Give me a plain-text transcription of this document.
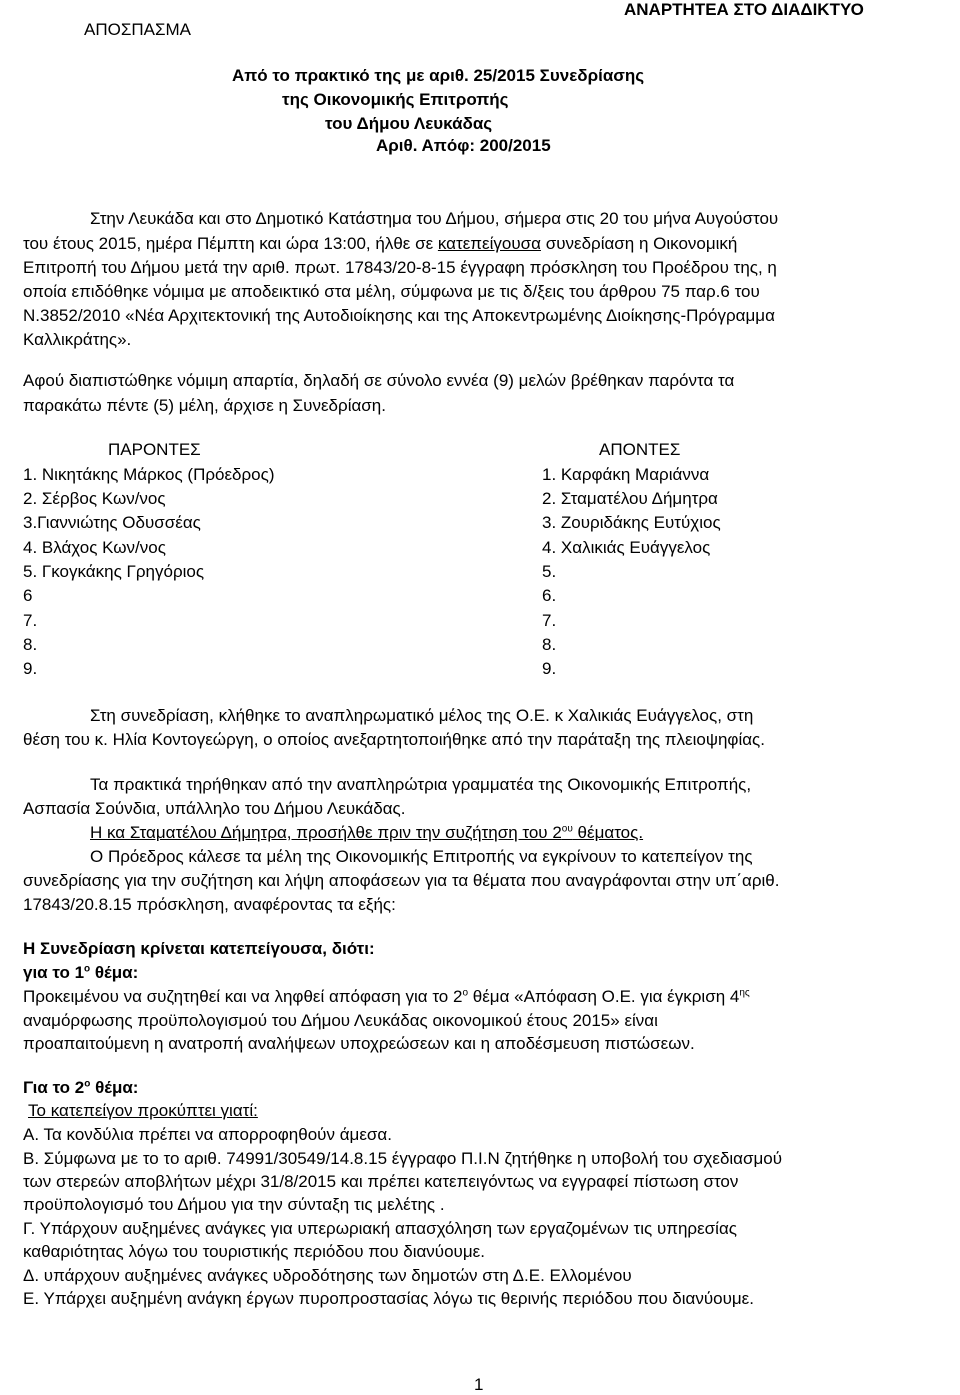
ΑΠΟΣΠΑΣΜΑ
ΑΝΑΡΤΗΤΕΑ ΣΤΟ ΔΙΑΔΙΚΤΥΟ
Από το πρακτικό της με αριθ. 25/2015 Συνεδρίασης
της Οικονομικής Επιτροπής
του Δήμου Λευκάδας
Αριθ. Απόφ: 200/2015
Στην Λευκάδα και στο Δημοτικό Κατάστημα του Δήμου, σήμερα στις 20 του μήνα Αυγούστου
του έτους 2015, ημέρα Πέμπτη και ώρα 13:00, ήλθε σε κατεπείγουσα συνεδρίαση η Οικονομική
Επιτροπή του Δήμου μετά την αριθ. πρωτ. 17843/20-8-15 έγγραφη πρόσκληση του Προέδρου της, η
οποία επιδόθηκε νόμιμα με αποδεικτικό στα μέλη, σύμφωνα με τις δ/ξεις του άρθρου 75 παρ.6 του
Ν.3852/2010 «Νέα Αρχιτεκτονική της Αυτοδιοίκησης και της Αποκεντρωμένης Διοίκησης-Πρόγραμμα
Καλλικράτης».
Αφού διαπιστώθηκε νόμιμη απαρτία, δηλαδή σε σύνολο εννέα (9) μελών βρέθηκαν παρόντα τα
παρακάτω πέντε (5) μέλη, άρχισε η Συνεδρίαση.
ΠΑΡΟΝΤΕΣ	ΑΠΟΝΤΕΣ
1. Νικητάκης Μάρκος (Πρόεδρος)
2. Σέρβος Κων/νος
3.Γιαννιώτης Οδυσσέας
4. Βλάχος Κων/νος
5. Γκογκάκης Γρηγόριος
6
7.
8.
9.
1. Καρφάκη Μαριάννα
2. Σταματέλου Δήμητρα
3. Ζουριδάκης Ευτύχιος
4. Χαλικιάς Ευάγγελος
5.
6.
7.
8.
9.
Στη συνεδρίαση, κλήθηκε το αναπληρωματικό μέλος της Ο.Ε. κ Χαλικιάς Ευάγγελος, στη
θέση του κ. Ηλία Κοντογεώργη, ο οποίος ανεξαρτητοποιήθηκε από την παράταξη της πλειοψηφίας.
Τα πρακτικά τηρήθηκαν από την αναπληρώτρια γραμματέα της Οικονομικής Επιτροπής,
Ασπασία Σούνδια, υπάλληλο του Δήμου Λευκάδας.
Η κα Σταματέλου Δήμητρα, προσήλθε πριν την συζήτηση του $2^{o\upsilon}$ θέματος.
Ο Πρόεδρος κάλεσε τα μέλη της Οικονομικής Επιτροπής να εγκρίνουν το κατεπείγον της
συνεδρίασης για την συζήτηση και λήψη αποφάσεων για τα θέματα που αναγράφονται στην υπ΄αριθ.
17843/20.8.15 πρόσκληση, αναφέροντας τα εξής:
Η Συνεδρίαση κρίνεται κατεπείγουσα, διότι:
για το $1^o$ θέμα:
Προκειμένου να συζητηθεί και να ληφθεί απόφαση για το $2^o$ θέμα «Απόφαση Ο.Ε. για έγκριση $4^{\eta\varsigma}$
αναμόρφωσης προϋπολογισμού του Δήμου Λευκάδας οικονομικού έτους 2015» είναι
προαπαιτούμενη η ανατροπή αναλήψεων υποχρεώσεων και η αποδέσμευση πιστώσεων.
Για το $2^o$ θέμα:
Το κατεπείγον προκύπτει γιατί:
Α. Τα κονδύλια πρέπει να απορροφηθούν άμεσα.
Β. Σύμφωνα με το το αριθ. 74991/30549/14.8.15 έγγραφο Π.Ι.Ν ζητήθηκε η υποβολή του σχεδιασμού
των στερεών αποβλήτων μέχρι 31/8/2015 και πρέπει κατεπειγόντως να εγγραφεί πίστωση στον
προϋπολογισμό του Δήμου για την σύνταξη τις μελέτης .
Γ. Υπάρχουν αυξημένες ανάγκες για υπερωριακή απασχόληση των εργαζομένων τις υπηρεσίας
καθαριότητας λόγω του τουριστικής περιόδου που διανύουμε.
Δ. υπάρχουν αυξημένες ανάγκες υδροδότησης των δημοτών στη Δ.Ε. Ελλομένου
Ε. Υπάρχει αυξημένη ανάγκη έργων πυροπροστασίας λόγω τις θερινής περιόδου που διανύουμε.
1
